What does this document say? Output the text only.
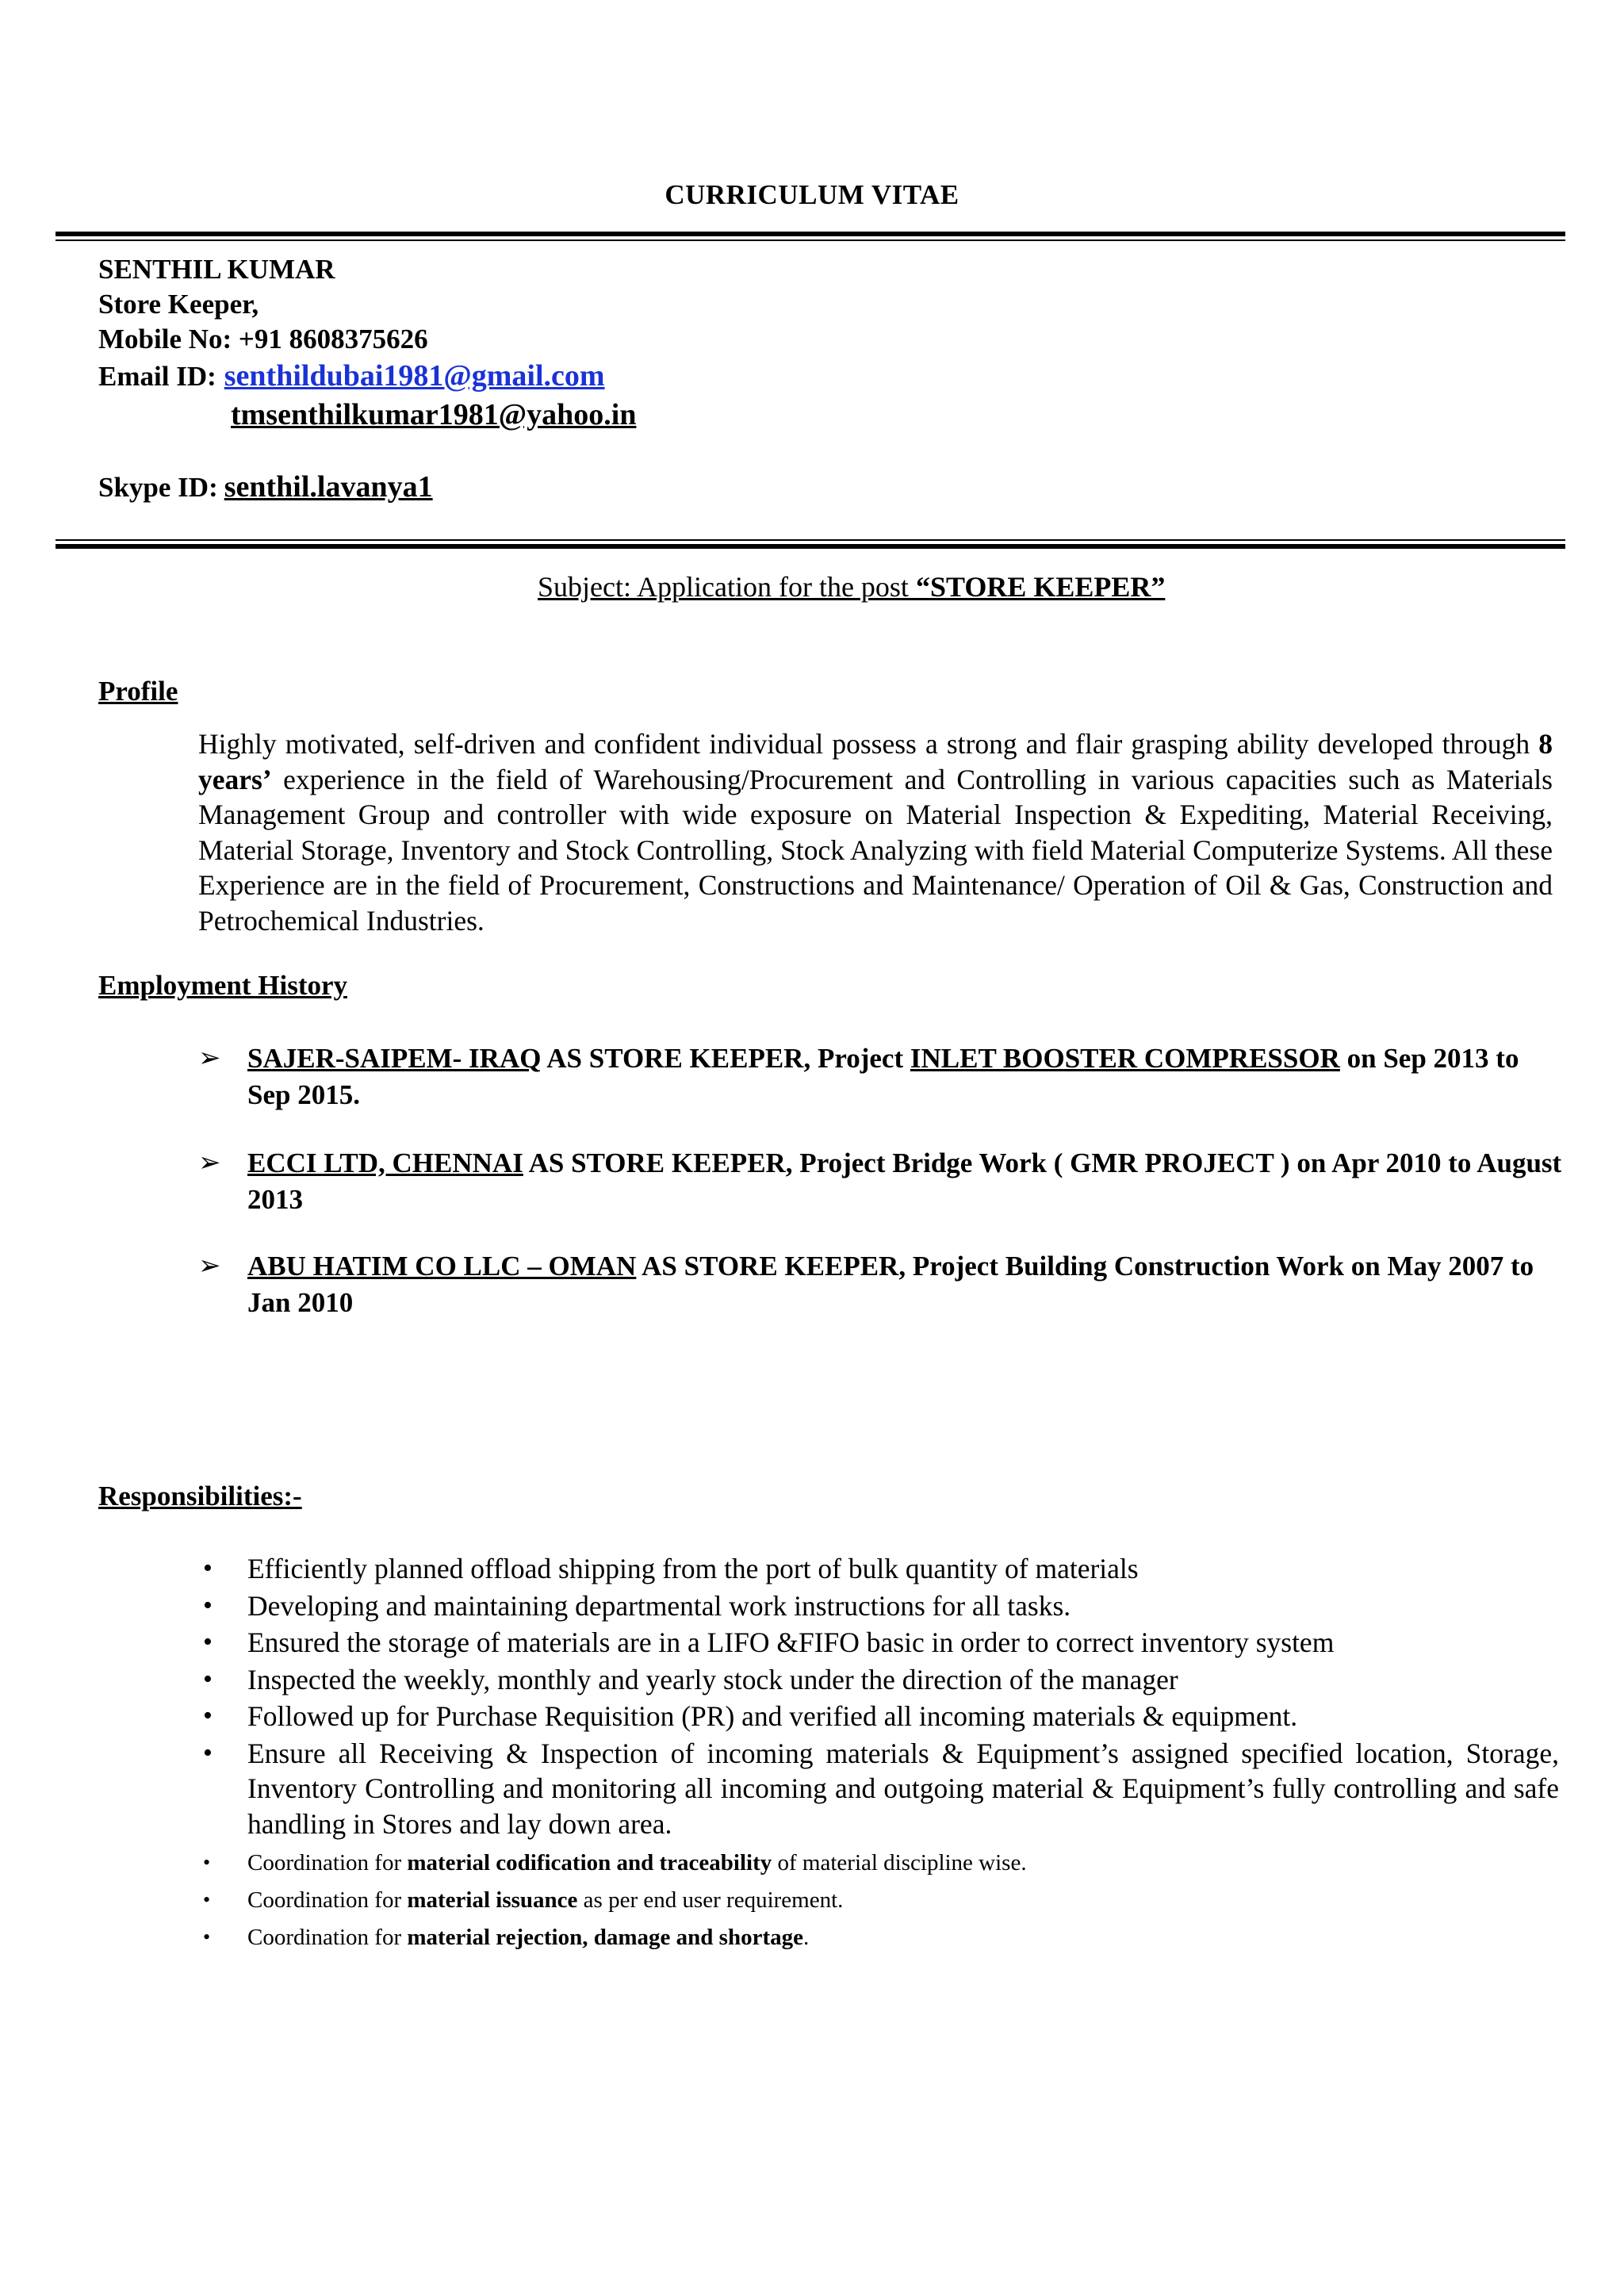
CURRICULUM VITAE
SENTHIL KUMAR
Store Keeper,
Mobile No: +91 8608375626
Email ID: senthildubai1981@gmail.com
tmsenthilkumar1981@yahoo.in
Skype ID: senthil.lavanya1
Subject: Application for the post “STORE KEEPER”
Profile
Highly motivated, self-driven and confident individual possess a strong and flair grasping ability developed through 8 years’ experience in the field of Warehousing/Procurement and Controlling in various capacities such as Materials Management Group and controller with wide exposure on Material Inspection & Expediting, Material Receiving, Material Storage, Inventory and Stock Controlling, Stock Analyzing with field Material Computerize Systems. All these Experience are in the field of Procurement, Constructions and Maintenance/ Operation of Oil & Gas, Construction and Petrochemical Industries.
Employment History
➢ SAJER-SAIPEM- IRAQ AS STORE KEEPER, Project INLET BOOSTER COMPRESSOR on Sep 2013 to Sep 2015.
➢ ECCI LTD, CHENNAI AS STORE KEEPER, Project Bridge Work ( GMR PROJECT ) on Apr 2010 to August 2013
➢ ABU HATIM CO LLC – OMAN AS STORE KEEPER, Project Building Construction Work on May 2007 to Jan 2010
Responsibilities:-
• Efficiently planned offload shipping from the port of bulk quantity of materials
• Developing and maintaining departmental work instructions for all tasks.
• Ensured the storage of materials are in a LIFO &FIFO basic in order to correct inventory system
• Inspected the weekly, monthly and yearly stock under the direction of the manager
• Followed up for Purchase Requisition (PR) and verified all incoming materials & equipment.
• Ensure all Receiving & Inspection of incoming materials & Equipment’s assigned specified location, Storage, Inventory Controlling and monitoring all incoming and outgoing material & Equipment’s fully controlling and safe handling in Stores and lay down area.
• Coordination for material codification and traceability of material discipline wise.
• Coordination for material issuance as per end user requirement.
• Coordination for material rejection, damage and shortage.
